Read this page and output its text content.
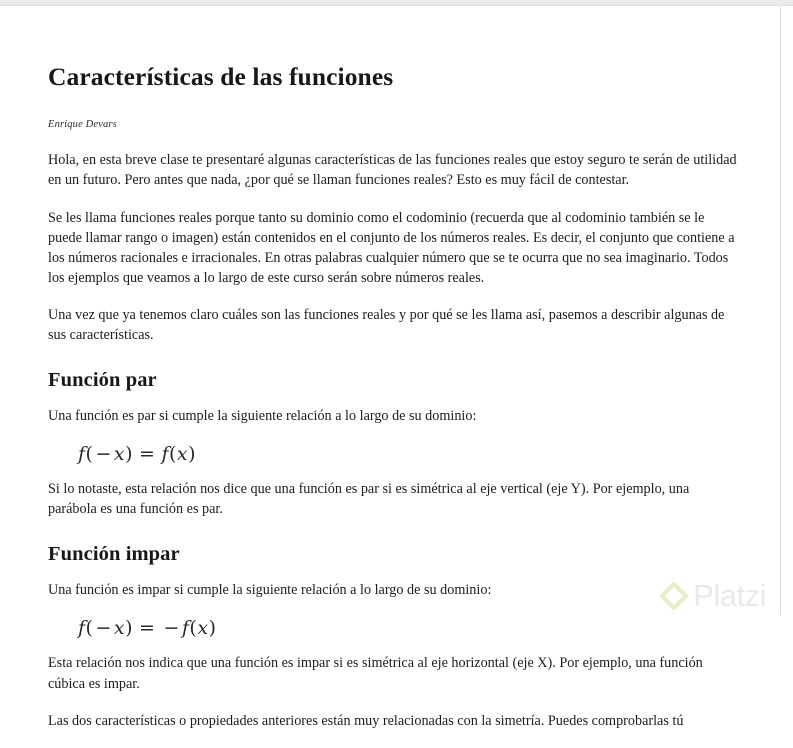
Características de las funciones
Enrique Devars

Hola, en esta breve clase te presentaré algunas características de las funciones reales que estoy seguro te serán de utilidad en un futuro. Pero antes que nada, ¿por qué se llaman funciones reales? Esto es muy fácil de contestar.

Se les llama funciones reales porque tanto su dominio como el codominio (recuerda que al codominio también se le puede llamar rango o imagen) están contenidos en el conjunto de los números reales. Es decir, el conjunto que contiene a los números racionales e irracionales. En otras palabras cualquier número que se te ocurra que no sea imaginario. Todos los ejemplos que veamos a lo largo de este curso serán sobre números reales.

Una vez que ya tenemos claro cuáles son las funciones reales y por qué se les llama así, pasemos a describir algunas de sus características.

Función par

Una función es par si cumple la siguiente relación a lo largo de su dominio:

f( − x) = f(x)

Si lo notaste, esta relación nos dice que una función es par si es simétrica al eje vertical (eje Y). Por ejemplo, una parábola es una función es par.

Función impar

Una función es impar si cumple la siguiente relación a lo largo de su dominio:

f( − x) = − f(x)

Esta relación nos indica que una función es impar si es simétrica al eje horizontal (eje X). Por ejemplo, una función cúbica es impar.

Las dos características o propiedades anteriores están muy relacionadas con la simetría. Puedes comprobarlas tú

Platzi
